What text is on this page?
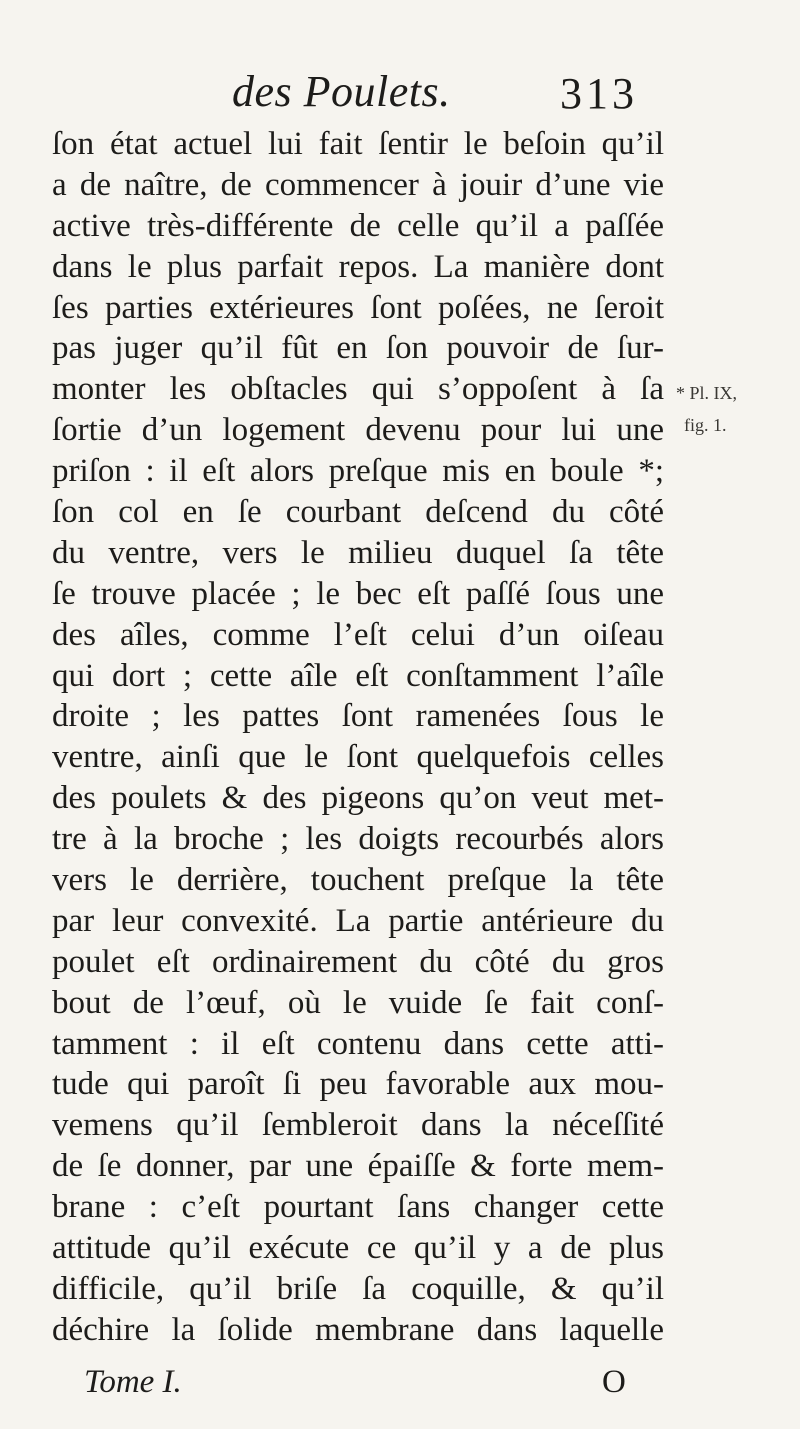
des Poulets. 313
ſon état actuel lui fait ſentir le beſoin qu’il
a de naître, de commencer à jouir d’une vie
active très-différente de celle qu’il a paſſée
dans le plus parfait repos. La manière dont
ſes parties extérieures ſont poſées, ne ſeroit
pas juger qu’il fût en ſon pouvoir de ſur-
monter les obſtacles qui s’oppoſent à ſa
ſortie d’un logement devenu pour lui une
priſon : il eſt alors preſque mis en boule *;
ſon col en ſe courbant deſcend du côté
du ventre, vers le milieu duquel ſa tête
ſe trouve placée ; le bec eſt paſſé ſous une
des aîles, comme l’eſt celui d’un oiſeau
qui dort ; cette aîle eſt conſtamment l’aîle
droite ; les pattes ſont ramenées ſous le
ventre, ainſi que le ſont quelquefois celles
des poulets & des pigeons qu’on veut met-
tre à la broche ; les doigts recourbés alors
vers le derrière, touchent preſque la tête
par leur convexité. La partie antérieure du
poulet eſt ordinairement du côté du gros
bout de l’œuf, où le vuide ſe fait conſ-
tamment : il eſt contenu dans cette atti-
tude qui paroît ſi peu favorable aux mou-
vemens qu’il ſembleroit dans la néceſſité
de ſe donner, par une épaiſſe & forte mem-
brane : c’eſt pourtant ſans changer cette
attitude qu’il exécute ce qu’il y a de plus
difficile, qu’il briſe ſa coquille, & qu’il
déchire la ſolide membrane dans laquelle
* Pl. IX,
fig. 1.
Tome I.	O
